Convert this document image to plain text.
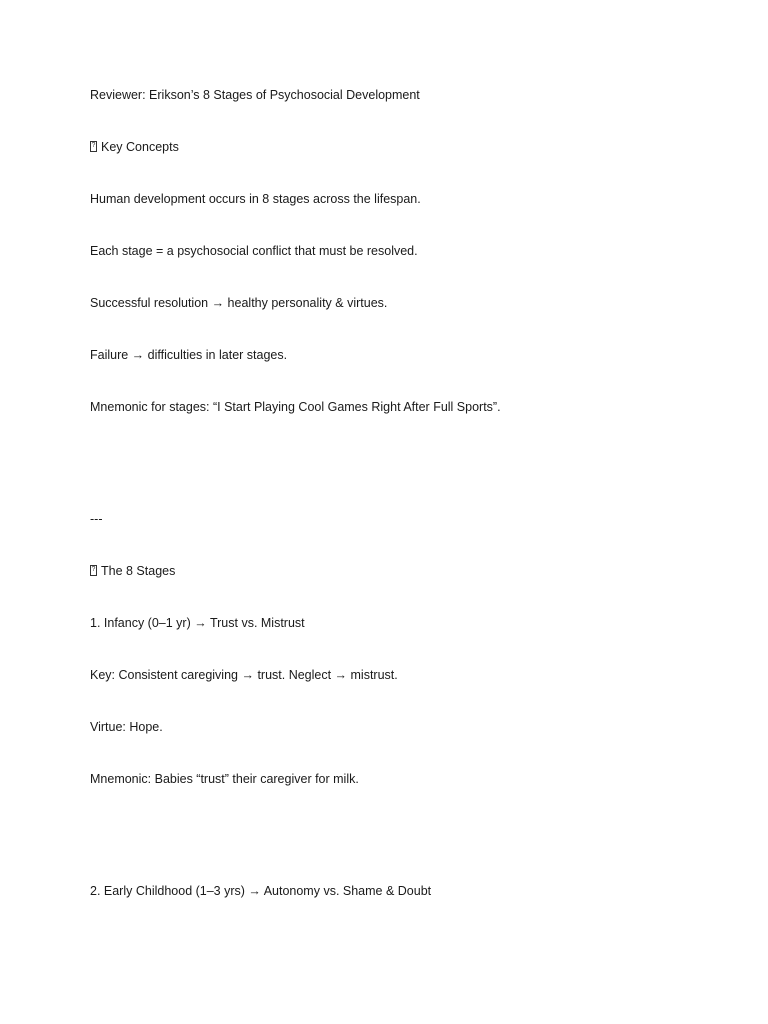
Reviewer: Erikson’s 8 Stages of Psychosocial Development
?Key Concepts
Human development occurs in 8 stages across the lifespan.
Each stage = a psychosocial conflict that must be resolved.
Successful resolution → healthy personality & virtues.
Failure → difficulties in later stages.
Mnemonic for stages: “I Start Playing Cool Games Right After Full Sports”.
---
?The 8 Stages
1. Infancy (0–1 yr) → Trust vs. Mistrust
Key: Consistent caregiving → trust. Neglect → mistrust.
Virtue: Hope.
Mnemonic: Babies “trust” their caregiver for milk.
2. Early Childhood (1–3 yrs) → Autonomy vs. Shame & Doubt
